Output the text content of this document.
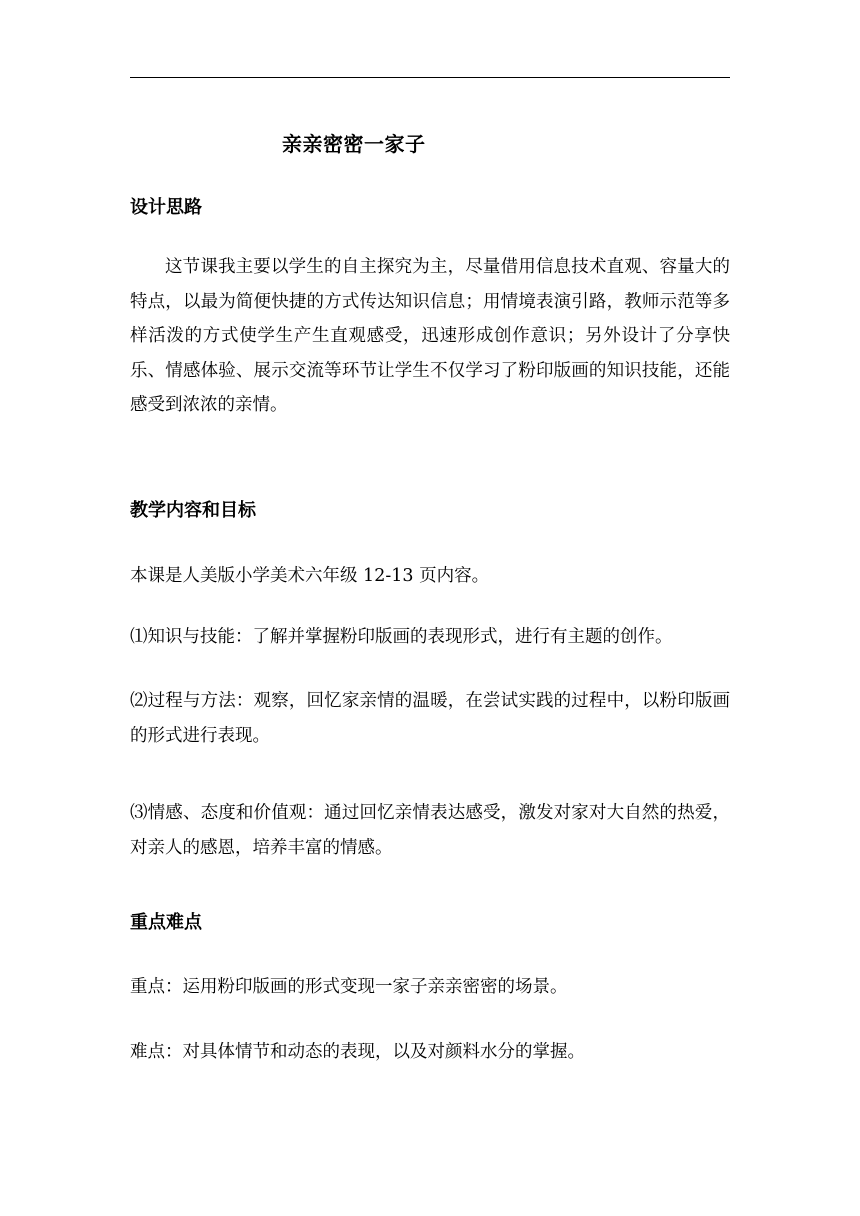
亲亲密密一家子
设计思路
这节课我主要以学生的自主探究为主，尽量借用信息技术直观、容量大的特点，以最为简便快捷的方式传达知识信息；用情境表演引路，教师示范等多样活泼的方式使学生产生直观感受，迅速形成创作意识；另外设计了分享快乐、情感体验、展示交流等环节让学生不仅学习了粉印版画的知识技能，还能感受到浓浓的亲情。
教学内容和目标
本课是人美版小学美术六年级 12-13 页内容。
⑴知识与技能：了解并掌握粉印版画的表现形式，进行有主题的创作。
⑵过程与方法：观察，回忆家亲情的温暖，在尝试实践的过程中，以粉印版画的形式进行表现。
⑶情感、态度和价值观：通过回忆亲情表达感受，激发对家对大自然的热爱，对亲人的感恩，培养丰富的情感。
重点难点
重点：运用粉印版画的形式变现一家子亲亲密密的场景。
难点：对具体情节和动态的表现，以及对颜料水分的掌握。
